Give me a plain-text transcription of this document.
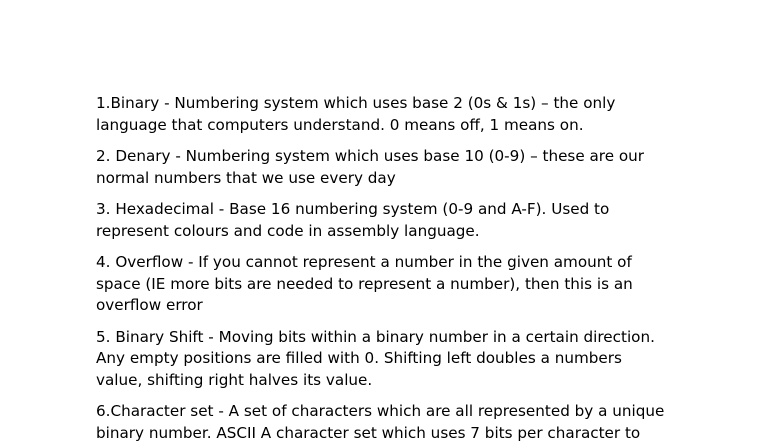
1.Binary - Numbering system which uses base 2 (0s & 1s) – the only
language that computers understand. 0 means off, 1 means on.

2. Denary - Numbering system which uses base 10 (0-9) – these are our
normal numbers that we use every day

3. Hexadecimal - Base 16 numbering system (0-9 and A-F). Used to
represent colours and code in assembly language.

4. Overflow - If you cannot represent a number in the given amount of
space (IE more bits are needed to represent a number), then this is an
overflow error

5. Binary Shift - Moving bits within a binary number in a certain direction.
Any empty positions are filled with 0. Shifting left doubles a numbers
value, shifting right halves its value.

6.Character set - A set of characters which are all represented by a unique
binary number. ASCII A character set which uses 7 bits per character to
